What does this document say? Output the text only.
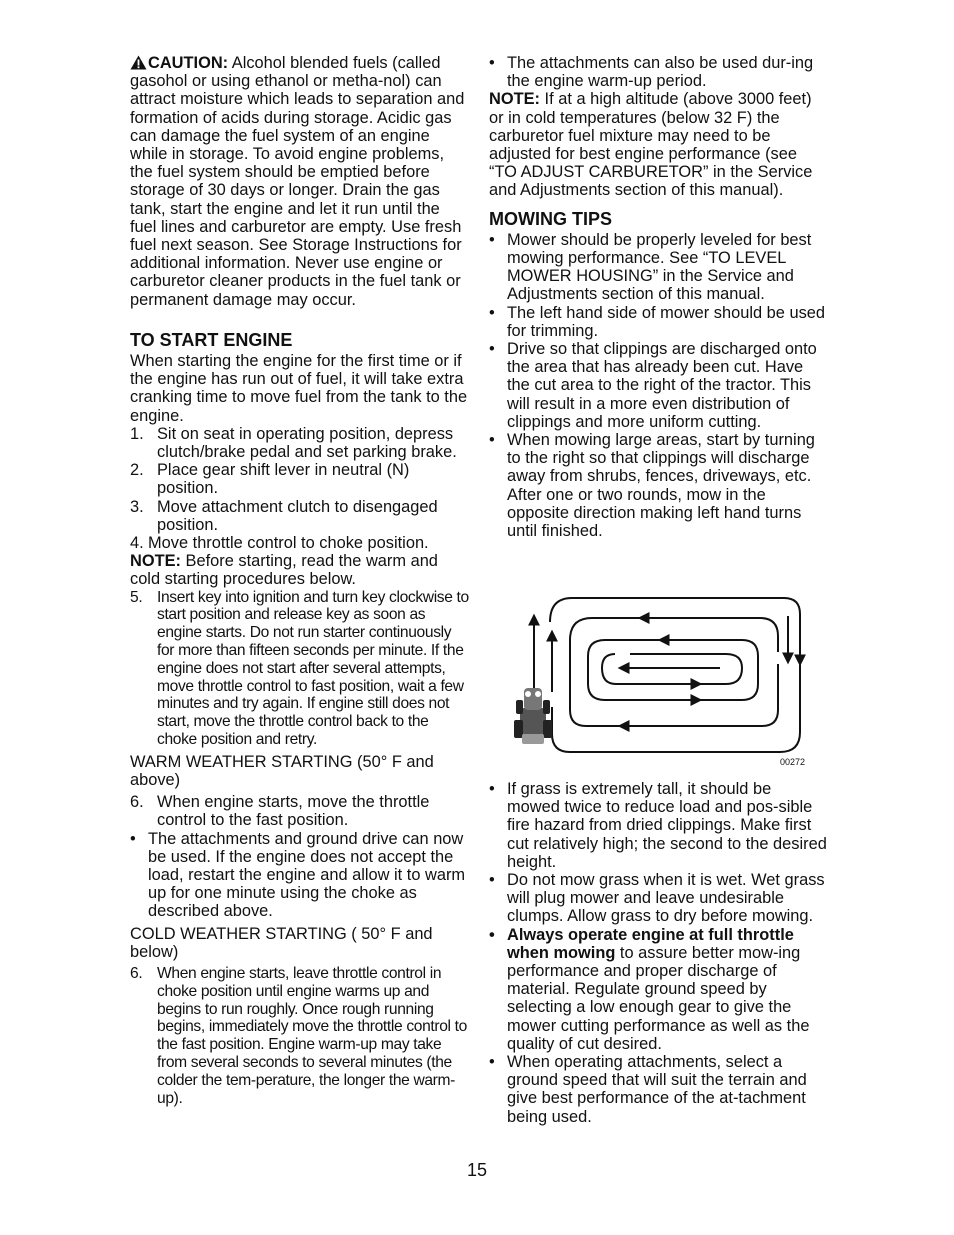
CAUTION: Alcohol blended fuels (called gasohol or using ethanol or metha-nol) can attract moisture which leads to separation and formation of acids during storage. Acidic gas can damage the fuel system of an engine while in storage. To avoid engine problems, the fuel system should be emptied before storage of 30 days or longer. Drain the gas tank, start the engine and let it run until the fuel lines and carburetor are empty. Use fresh fuel next season. See Storage Instructions for additional information. Never use engine or carburetor cleaner products in the fuel tank or permanent damage may occur.

TO START ENGINE

When starting the engine for the first time or if the engine has run out of fuel, it will take extra cranking time to move fuel from the tank to the engine.

1. Sit on seat in operating position, depress clutch/brake pedal and set parking brake.
2. Place gear shift lever in neutral (N) position.
3. Move attachment clutch to disengaged position.
4. Move throttle control to choke position.

NOTE: Before starting, read the warm and cold starting procedures below.

5. Insert key into ignition and turn key clockwise to start position and release key as soon as engine starts. Do not run starter continuously for more than fifteen seconds per minute. If the engine does not start after several attempts, move throttle control to fast position, wait a few minutes and try again. If engine still does not start, move the throttle control back to the choke position and retry.

WARM WEATHER STARTING (50° F and above)

6. When engine starts, move the throttle control to the fast position.
• The attachments and ground drive can now be used. If the engine does not accept the load, restart the engine and allow it to warm up for one minute using the choke as described above.

COLD WEATHER STARTING ( 50° F and below)

6. When engine starts, leave throttle control in choke position until engine warms up and begins to run roughly. Once rough running begins, immediately move the throttle control to the fast position. Engine warm-up may take from several seconds to several minutes (the colder the tem-perature, the longer the warm-up).
• The attachments can also be used dur-ing the engine warm-up period.

NOTE: If at a high altitude (above 3000 feet) or in cold temperatures (below 32 F) the carburetor fuel mixture may need to be adjusted for best engine performance (see “TO ADJUST CARBURETOR” in the Service and Adjustments section of this manual).

MOWING TIPS

• Mower should be properly leveled for best mowing performance. See “TO LEVEL MOWER HOUSING” in the Service and Adjustments section of this manual.
• The left hand side of mower should be used for trimming.
• Drive so that clippings are discharged onto the area that has already been cut. Have the cut area to the right of the tractor. This will result in a more even distribution of clippings and more uniform cutting.
• When mowing large areas, start by turning to the right so that clippings will discharge away from shrubs, fences, driveways, etc. After one or two rounds, mow in the opposite direction making left hand turns until finished.
00272
• If grass is extremely tall, it should be mowed twice to reduce load and pos-sible fire hazard from dried clippings. Make first cut relatively high; the second to the desired height.
• Do not mow grass when it is wet. Wet grass will plug mower and leave undesirable clumps. Allow grass to dry before mowing.
• Always operate engine at full throttle when mowing to assure better mow-ing performance and proper discharge of material. Regulate ground speed by selecting a low enough gear to give the mower cutting performance as well as the quality of cut desired.
• When operating attachments, select a ground speed that will suit the terrain and give best performance of the at-tachment being used.
15
